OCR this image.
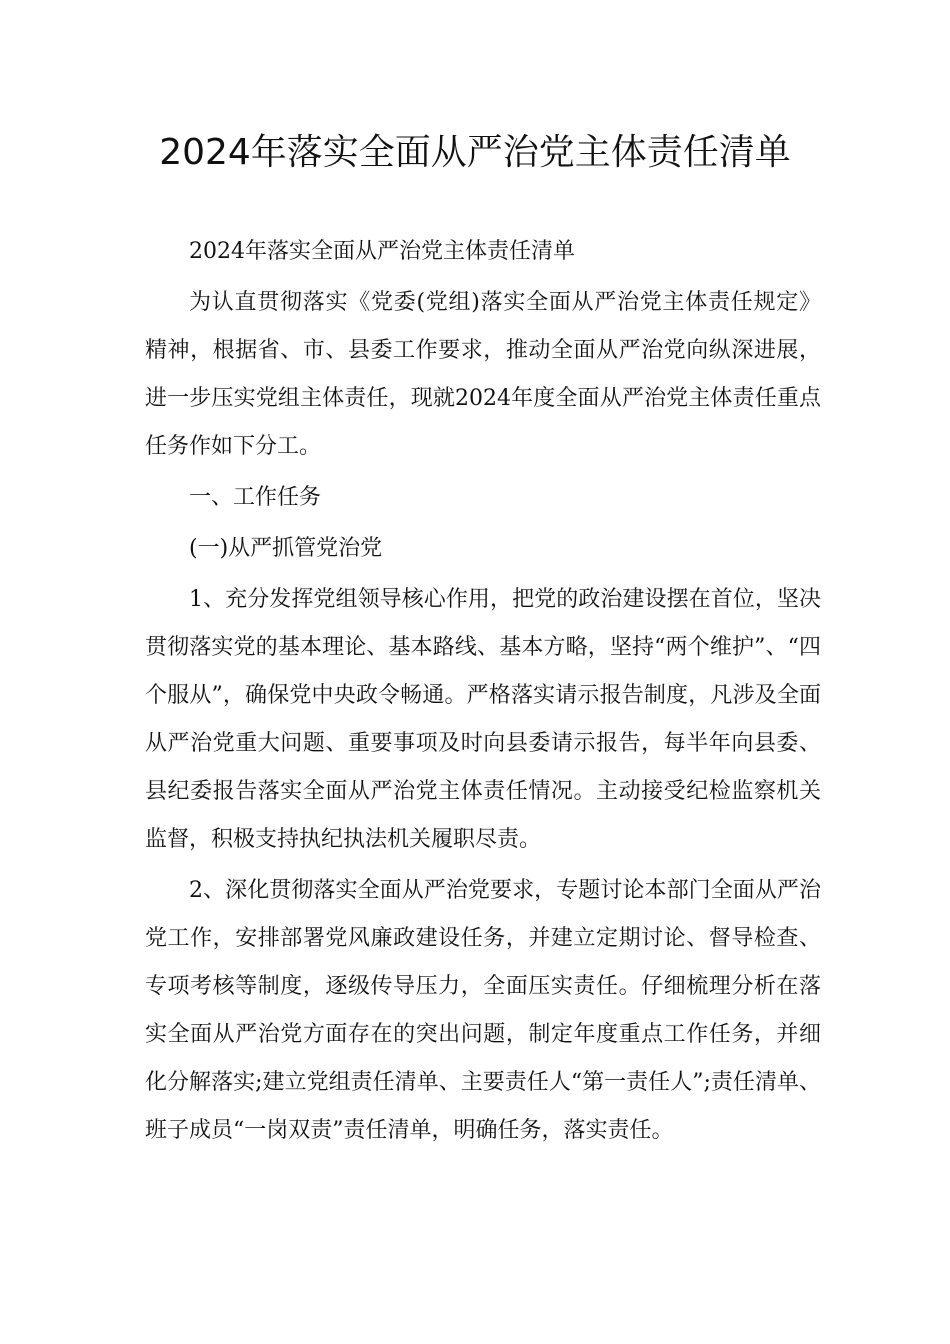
2024年落实全面从严治党主体责任清单

2024年落实全面从严治党主体责任清单

为认直贯彻落实《党委(党组)落实全面从严治党主体责任规定》精神，根据省、市、县委工作要求，推动全面从严治党向纵深进展，进一步压实党组主体责任，现就2024年度全面从严治党主体责任重点任务作如下分工。

一、工作任务

(一)从严抓管党治党

1、充分发挥党组领导核心作用，把党的政治建设摆在首位，坚决贯彻落实党的基本理论、基本路线、基本方略，坚持“两个维护”、“四个服从”，确保党中央政令畅通。严格落实请示报告制度，凡涉及全面从严治党重大问题、重要事项及时向县委请示报告，每半年向县委、县纪委报告落实全面从严治党主体责任情况。主动接受纪检监察机关监督，积极支持执纪执法机关履职尽责。

2、深化贯彻落实全面从严治党要求，专题讨论本部门全面从严治党工作，安排部署党风廉政建设任务，并建立定期讨论、督导检查、专项考核等制度，逐级传导压力，全面压实责任。仔细梳理分析在落实全面从严治党方面存在的突出问题，制定年度重点工作任务，并细化分解落实;建立党组责任清单、主要责任人“第一责任人”;责任清单、班子成员“一岗双责”责任清单，明确任务，落实责任。
